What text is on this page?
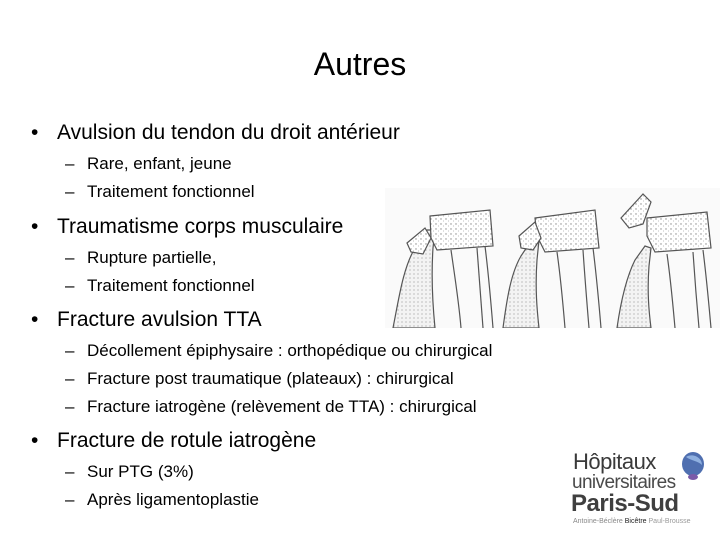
Autres
• Avulsion du tendon du droit antérieur
– Rare, enfant, jeune
– Traitement fonctionnel
• Traumatisme corps musculaire
– Rupture partielle,
– Traitement fonctionnel
• Fracture avulsion TTA
– Décollement épiphysaire : orthopédique ou chirurgical
– Fracture post traumatique (plateaux) : chirurgical
– Fracture iatrogène (relèvement de TTA) : chirurgical
• Fracture de rotule iatrogène
– Sur PTG (3%)
– Après ligamentoplastie
Hôpitaux
universitaires
Paris-Sud
Antoine-Béclère Bicêtre Paul-Brousse
